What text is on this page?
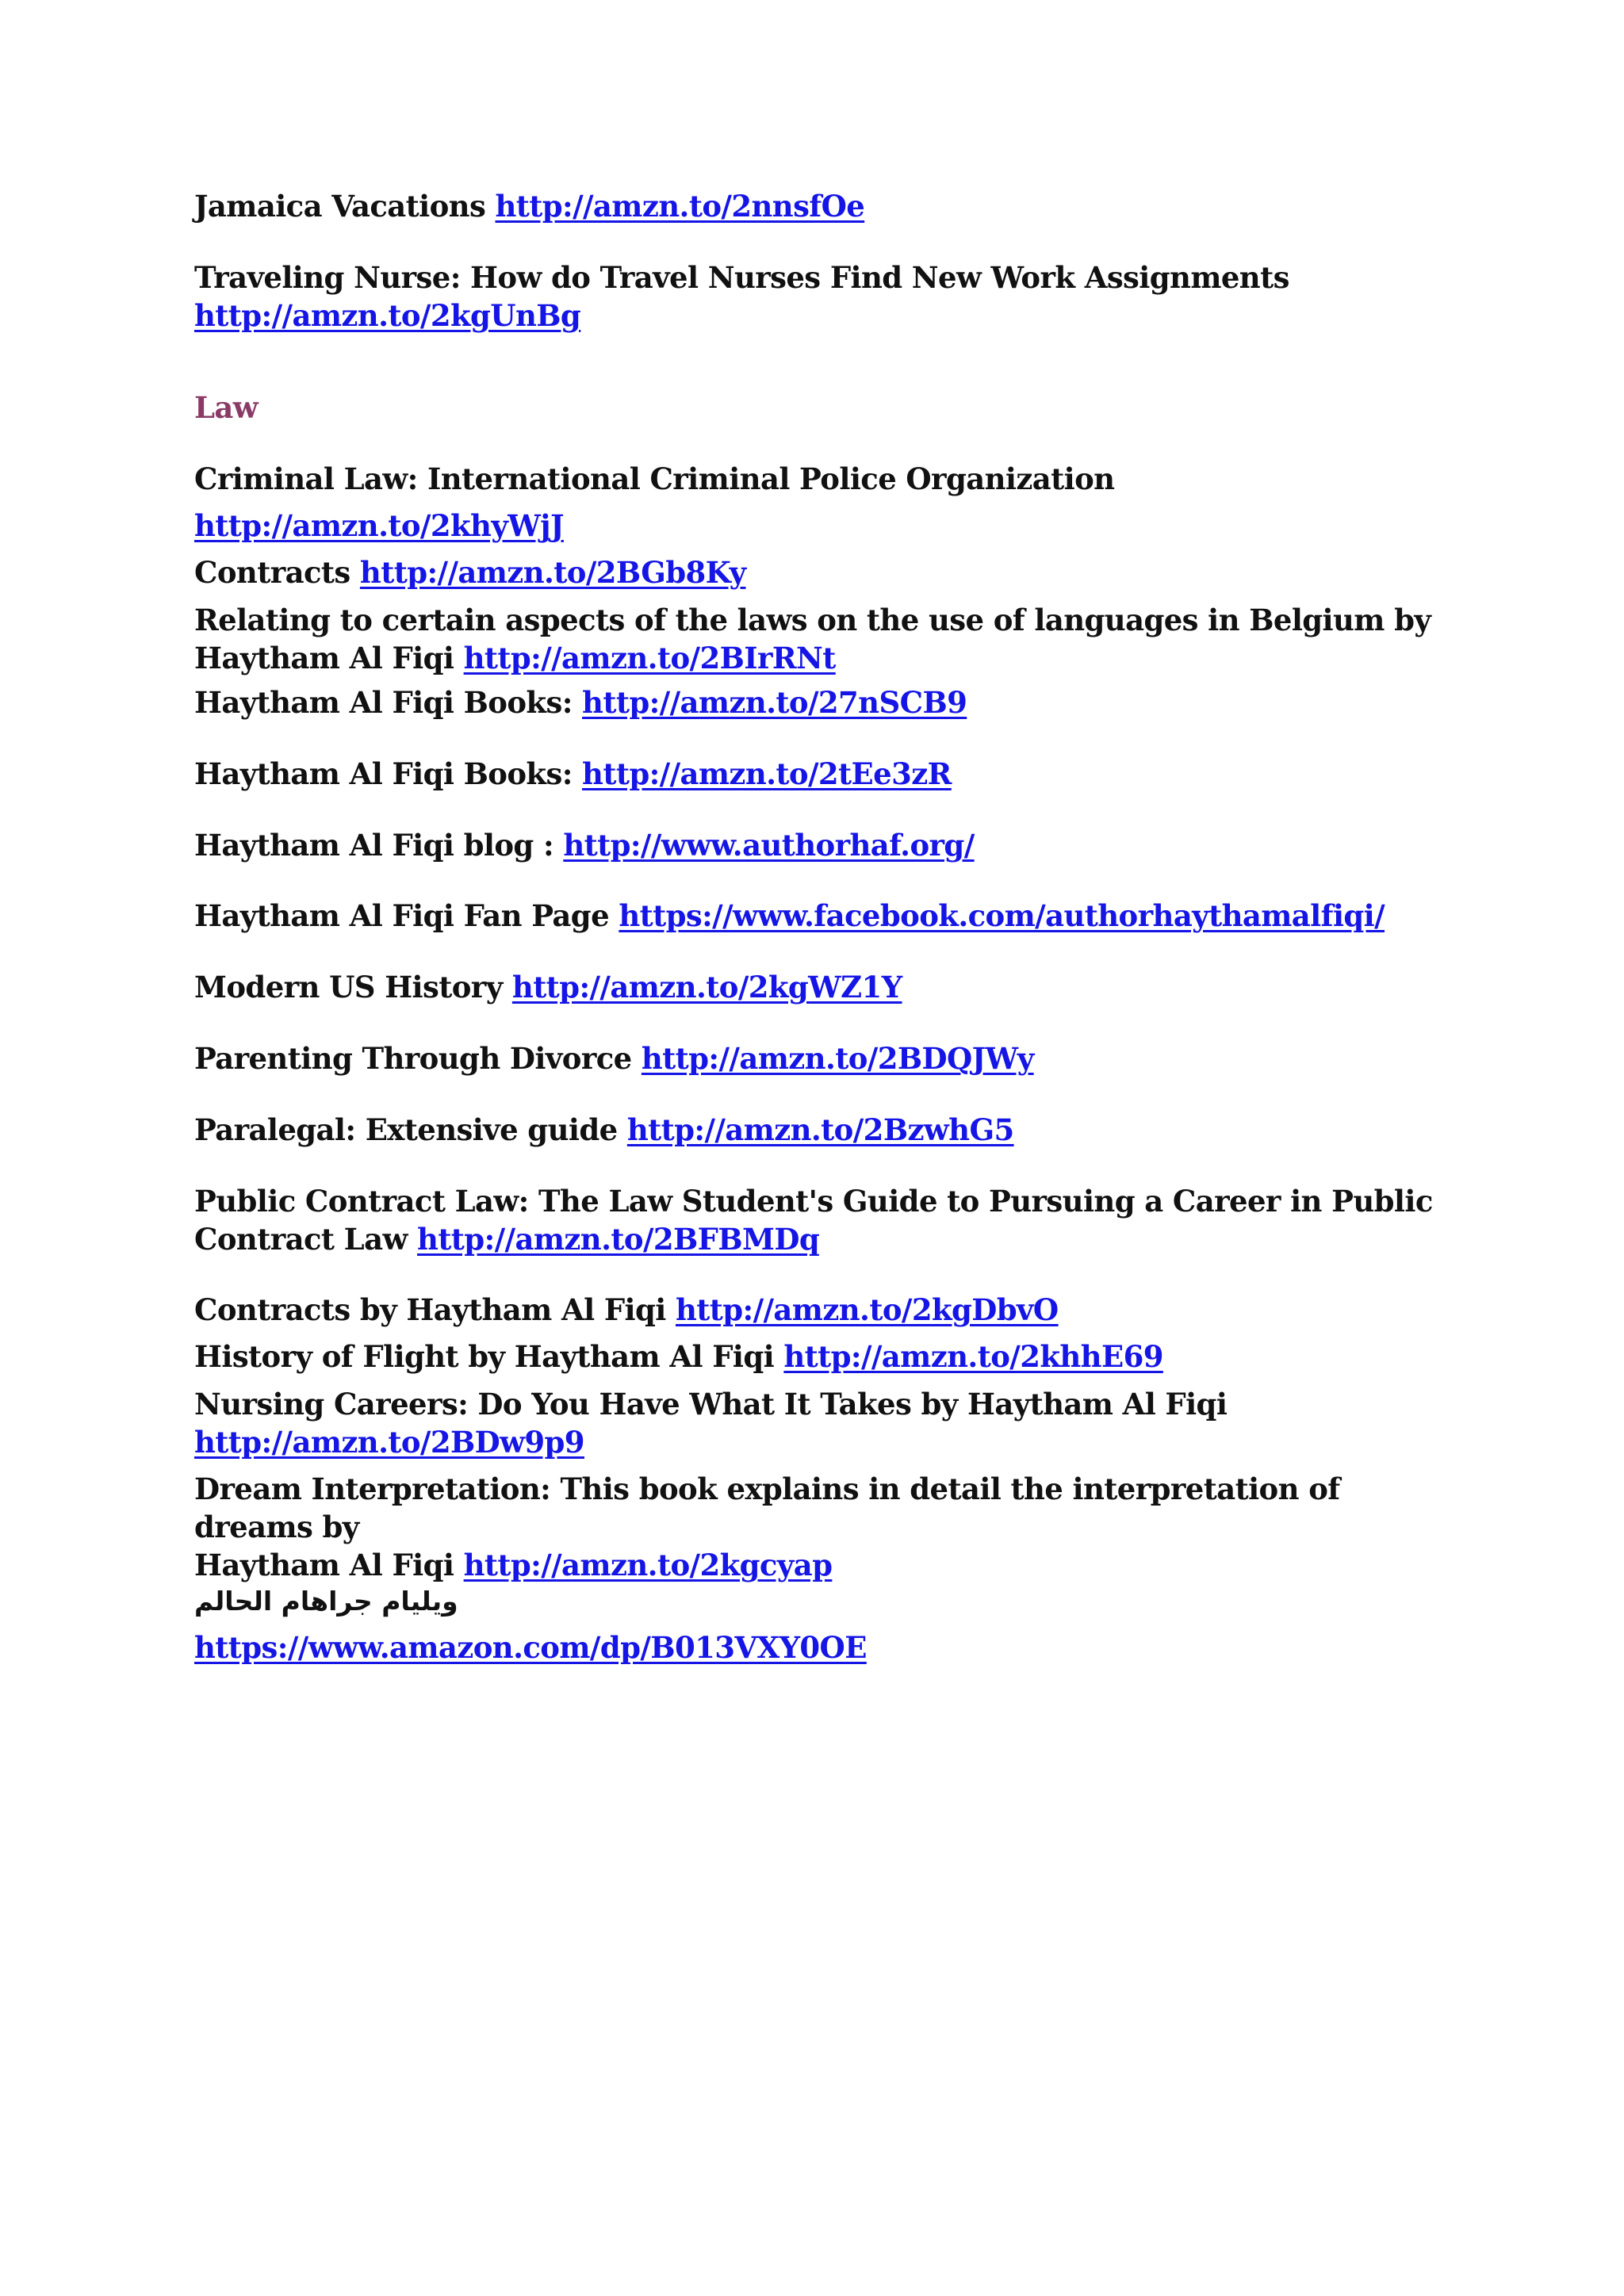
Jamaica Vacations http://amzn.to/2nnsfOe
Traveling Nurse: How do Travel Nurses Find New Work Assignments
http://amzn.to/2kgUnBg
Law
Criminal Law: International Criminal Police Organization
http://amzn.to/2khyWjJ
Contracts http://amzn.to/2BGb8Ky
Relating to certain aspects of the laws on the use of languages in Belgium by
Haytham Al Fiqi http://amzn.to/2BIrRNt
Haytham Al Fiqi Books: http://amzn.to/27nSCB9
Haytham Al Fiqi Books: http://amzn.to/2tEe3zR
Haytham Al Fiqi blog : http://www.authorhaf.org/
Haytham Al Fiqi Fan Page https://www.facebook.com/authorhaythamalfiqi/
Modern US History http://amzn.to/2kgWZ1Y
Parenting Through Divorce http://amzn.to/2BDQJWy
Paralegal: Extensive guide http://amzn.to/2BzwhG5
Public Contract Law: The Law Student's Guide to Pursuing a Career in Public
Contract Law http://amzn.to/2BFBMDq
Contracts by Haytham Al Fiqi http://amzn.to/2kgDbvO
History of Flight by Haytham Al Fiqi http://amzn.to/2khhE69
Nursing Careers: Do You Have What It Takes by Haytham Al Fiqi
http://amzn.to/2BDw9p9
Dream Interpretation: This book explains in detail the interpretation of dreams by
Haytham Al Fiqi http://amzn.to/2kgcyap
ويليام جراهام الحالم
https://www.amazon.com/dp/B013VXY0OE
